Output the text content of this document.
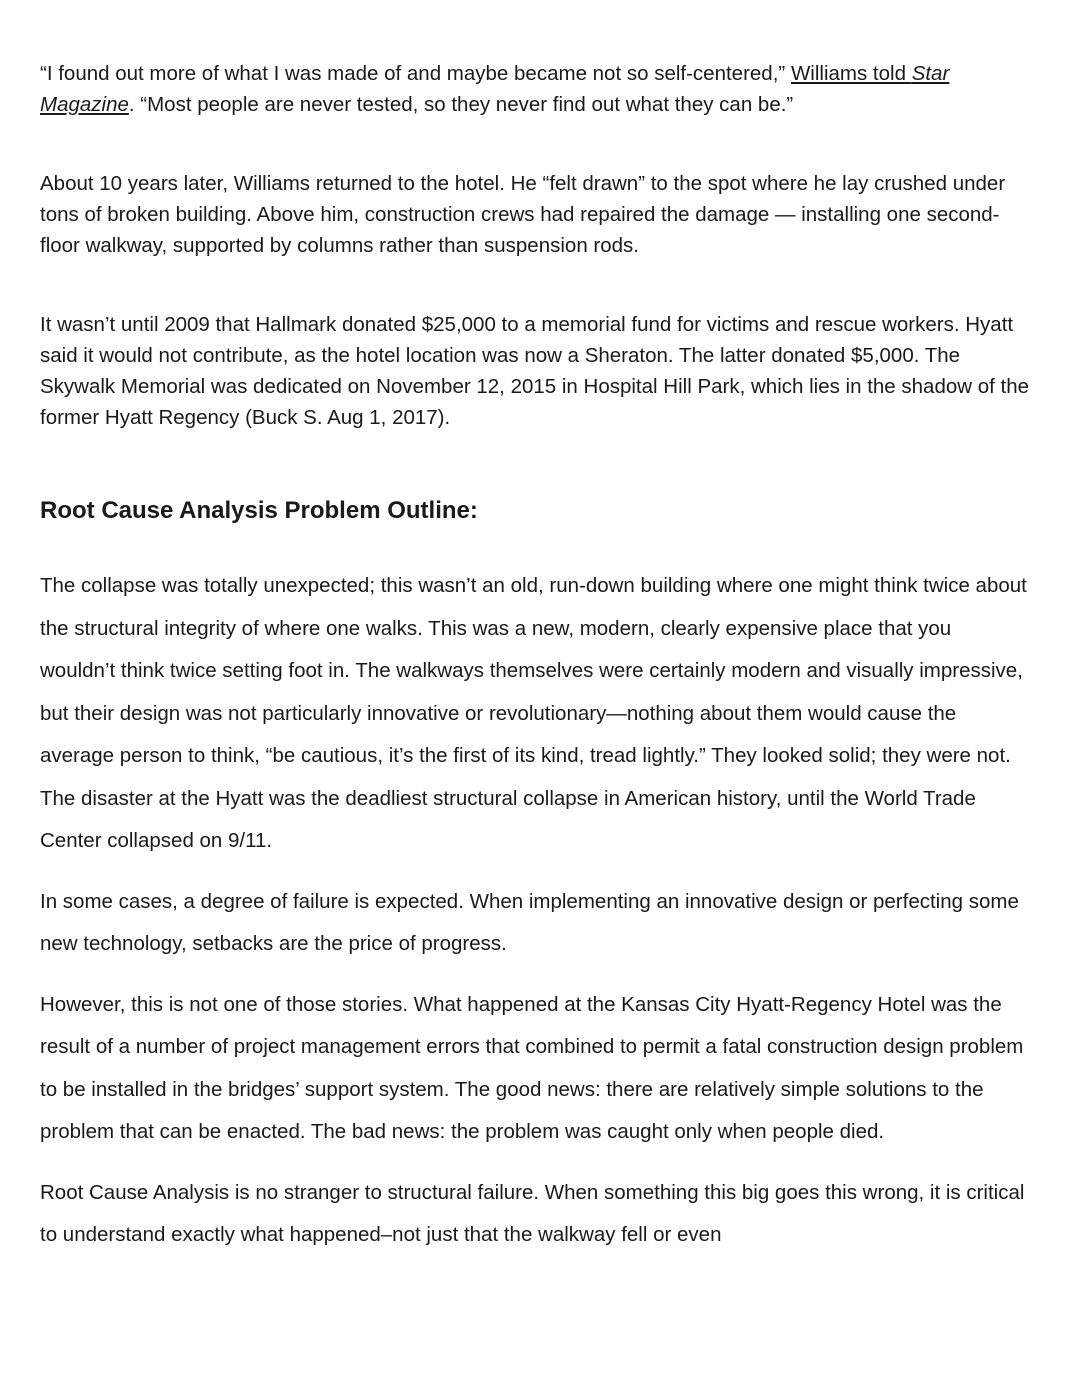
“I found out more of what I was made of and maybe became not so self-centered,” Williams told Star Magazine. “Most people are never tested, so they never find out what they can be.”

About 10 years later, Williams returned to the hotel. He “felt drawn” to the spot where he lay crushed under tons of broken building. Above him, construction crews had repaired the damage — installing one second-floor walkway, supported by columns rather than suspension rods.

It wasn’t until 2009 that Hallmark donated $25,000 to a memorial fund for victims and rescue workers. Hyatt said it would not contribute, as the hotel location was now a Sheraton. The latter donated $5,000. The Skywalk Memorial was dedicated on November 12, 2015 in Hospital Hill Park, which lies in the shadow of the former Hyatt Regency (Buck S. Aug 1, 2017).

Root Cause Analysis Problem Outline:

The collapse was totally unexpected; this wasn’t an old, run-down building where one might think twice about the structural integrity of where one walks. This was a new, modern, clearly expensive place that you wouldn’t think twice setting foot in. The walkways themselves were certainly modern and visually impressive, but their design was not particularly innovative or revolutionary—nothing about them would cause the average person to think, “be cautious, it’s the first of its kind, tread lightly.” They looked solid; they were not. The disaster at the Hyatt was the deadliest structural collapse in American history, until the World Trade Center collapsed on 9/11.

In some cases, a degree of failure is expected. When implementing an innovative design or perfecting some new technology, setbacks are the price of progress.

However, this is not one of those stories. What happened at the Kansas City Hyatt-Regency Hotel was the result of a number of project management errors that combined to permit a fatal construction design problem to be installed in the bridges’ support system. The good news: there are relatively simple solutions to the problem that can be enacted. The bad news: the problem was caught only when people died.

Root Cause Analysis is no stranger to structural failure. When something this big goes this wrong, it is critical to understand exactly what happened–not just that the walkway fell or even
